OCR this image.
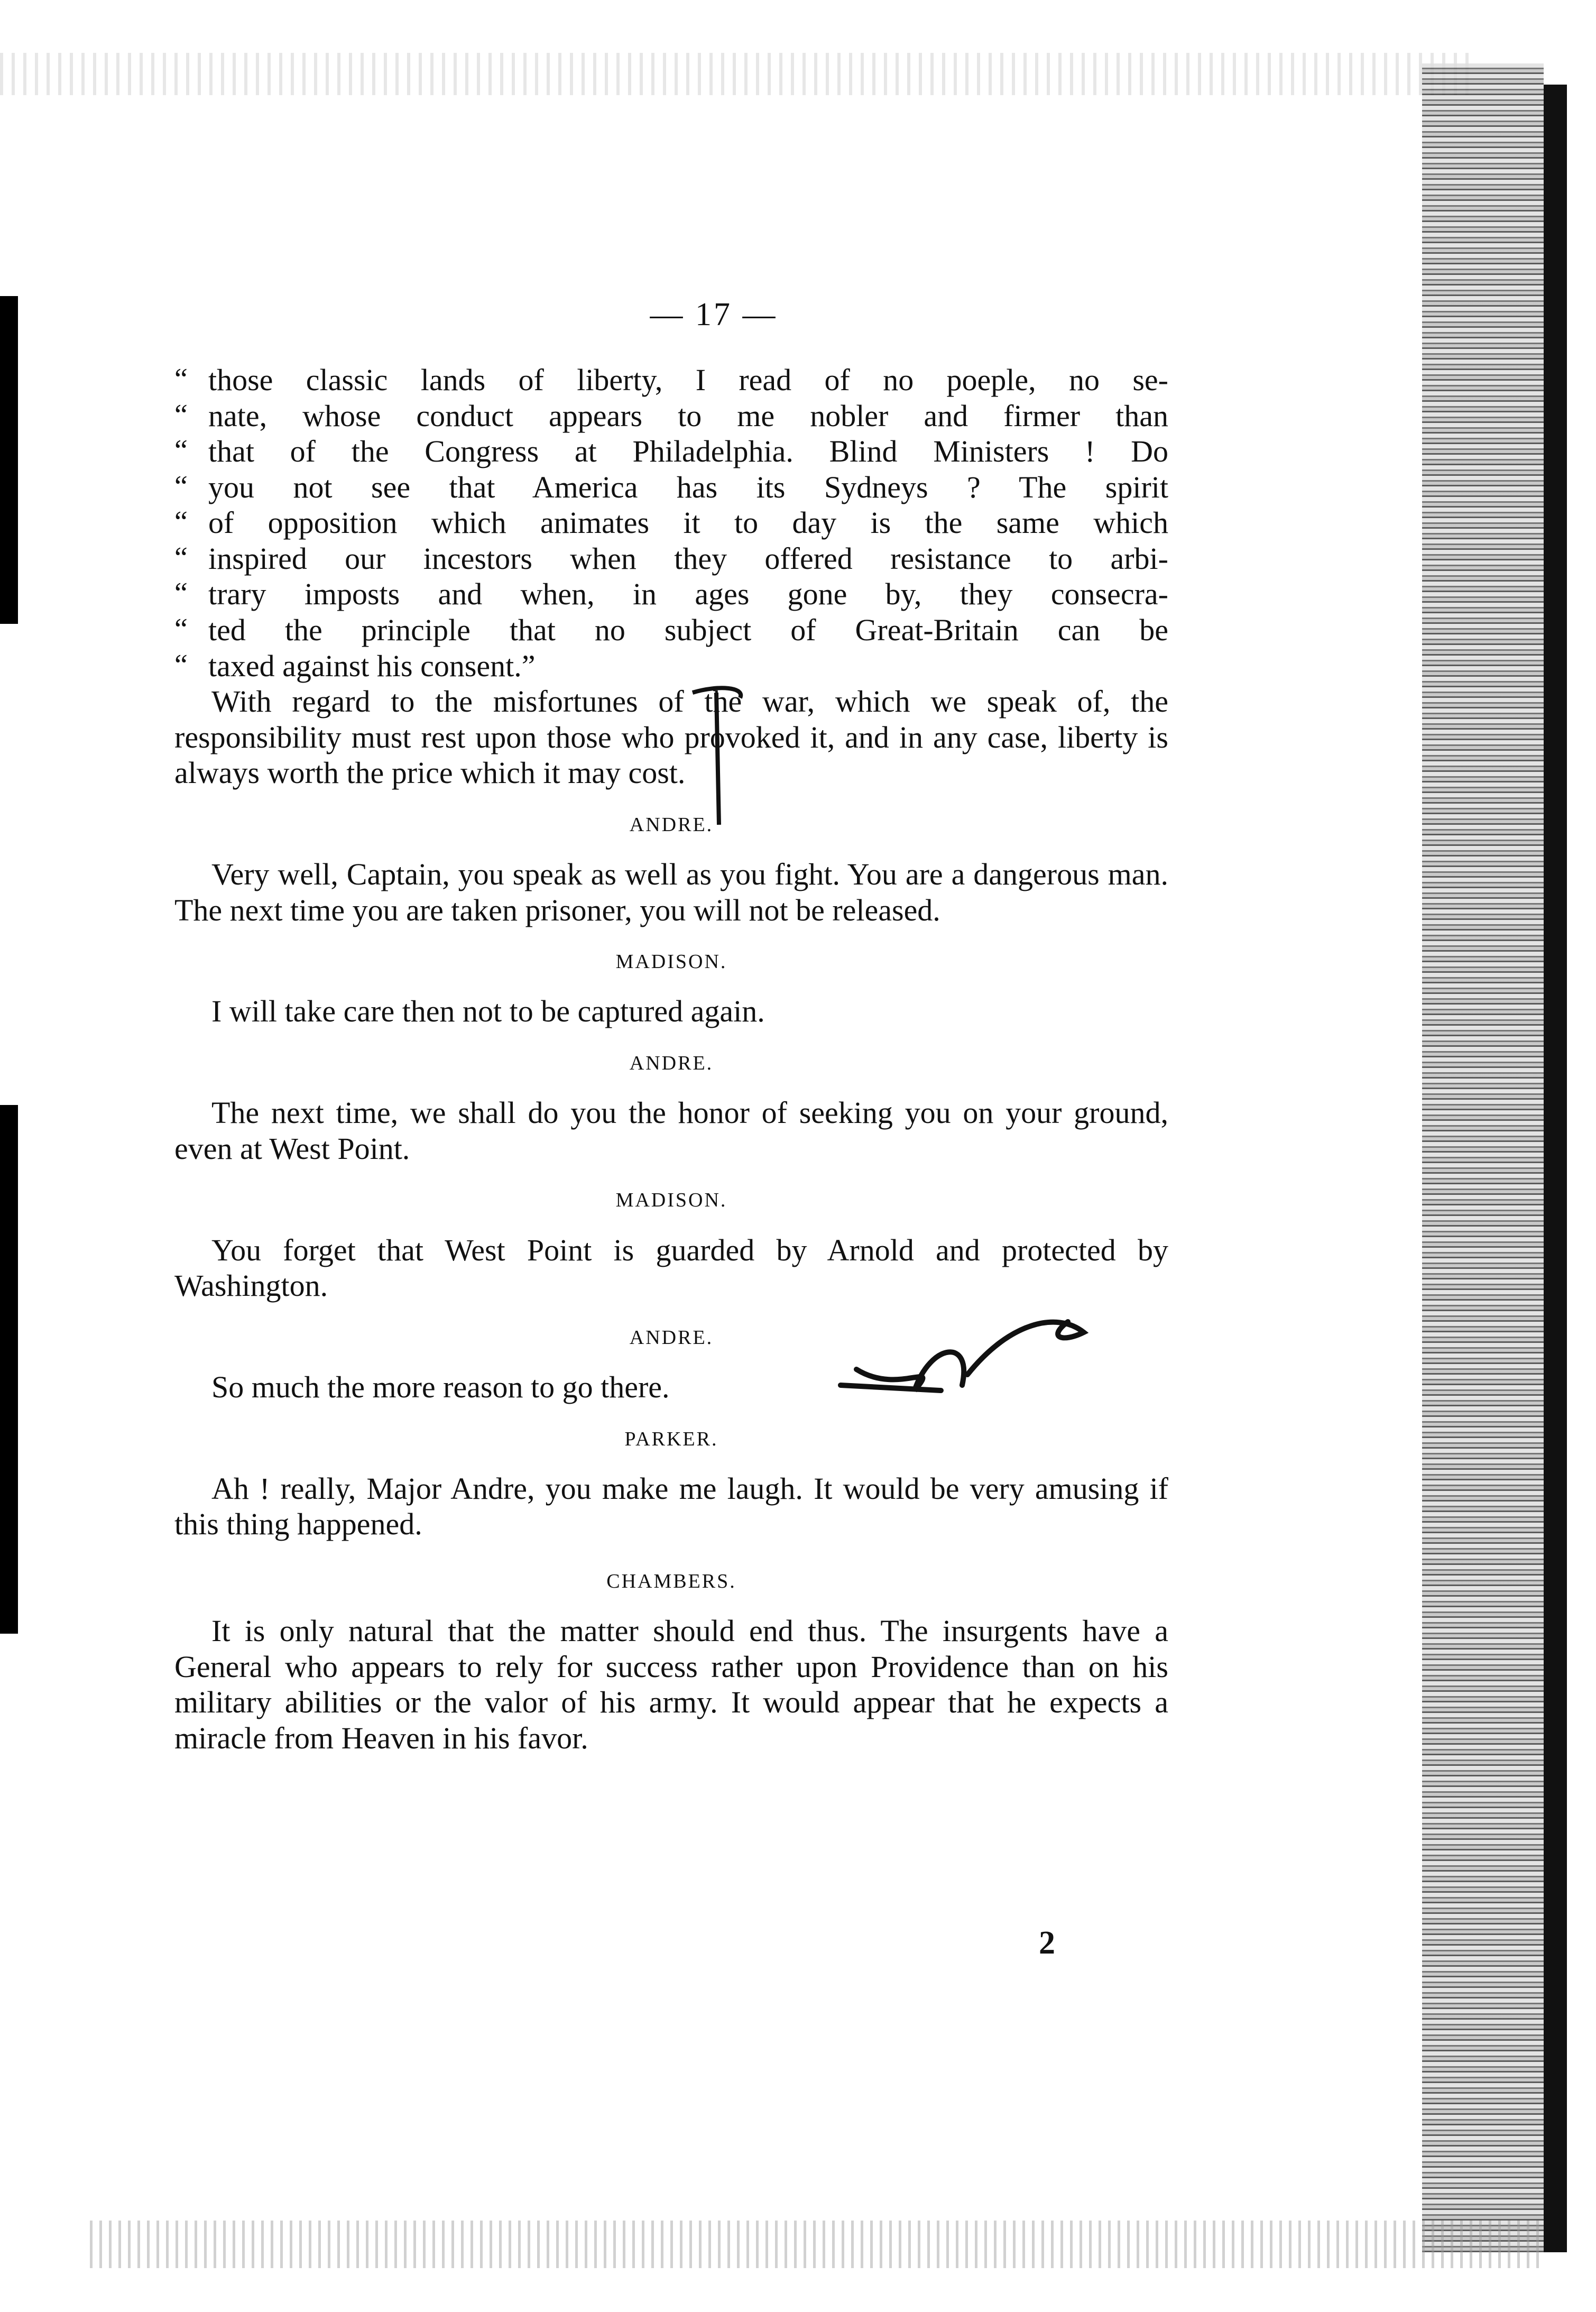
— 17 —
“ those classic lands of liberty, I read of no poeple, no se-
“ nate, whose conduct appears to me nobler and firmer than
“ that of the Congress at Philadelphia. Blind Ministers ! Do
“ you not see that America has its Sydneys ? The spirit
“ of opposition which animates it to day is the same which
“ inspired our incestors when they offered resistance to arbi-
“ trary imposts and when, in ages gone by, they consecra-
“ ted the principle that no subject of Great-Britain can be
“ taxed against his consent.”

With regard to the misfortunes of the war, which we speak of, the responsibility must rest upon those who provoked it, and in any case, liberty is always worth the price which it may cost.

ANDRE.

Very well, Captain, you speak as well as you fight. You are a dangerous man. The next time you are taken prisoner, you will not be released.

MADISON.

I will take care then not to be captured again.

ANDRE.

The next time, we shall do you the honor of seeking you on your ground, even at West Point.

MADISON.

You forget that West Point is guarded by Arnold and protected by Washington.

ANDRE.

So much the more reason to go there.

PARKER.

Ah ! really, Major Andre, you make me laugh. It would be very amusing if this thing happened.

CHAMBERS.

It is only natural that the matter should end thus. The insurgents have a General who appears to rely for success rather upon Providence than on his military abilities or the valor of his army. It would appear that he expects a miracle from Heaven in his favor.

2
